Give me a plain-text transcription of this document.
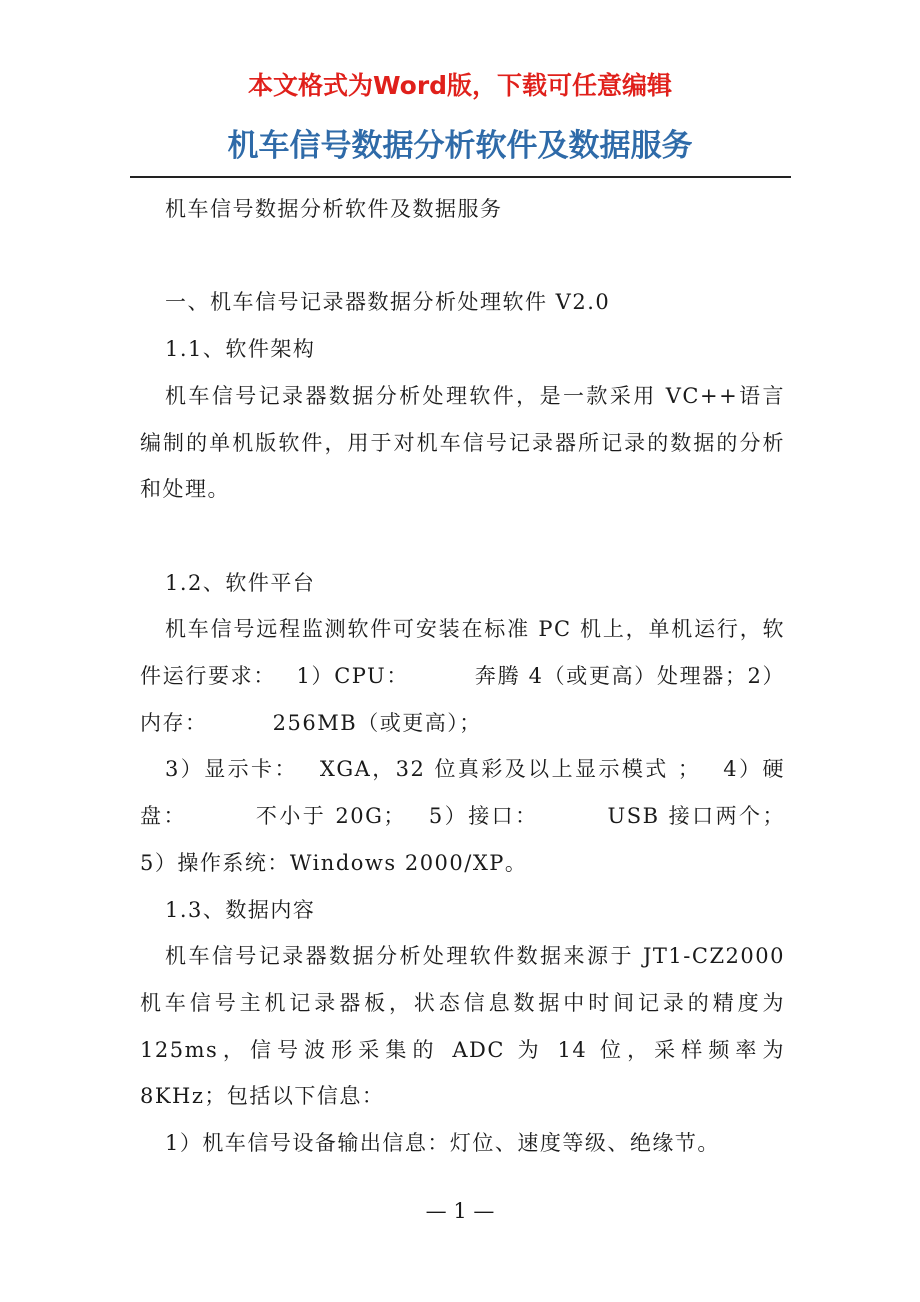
本文格式为Word版，下载可任意编辑
机车信号数据分析软件及数据服务

机车信号数据分析软件及数据服务

一、机车信号记录器数据分析处理软件 V2.0

1.1、软件架构

机车信号记录器数据分析处理软件，是一款采用 VC++语言编制的单机版软件，用于对机车信号记录器所记录的数据的分析和处理。

1.2、软件平台

机车信号远程监测软件可安装在标准 PC 机上，单机运行，软件运行要求：　 1）CPU：　　　 奔腾 4（或更高）处理器；2）内存：　　　 256MB（或更高）；

3）显示卡：　 XGA，32 位真彩及以上显示模式 ；　 4）硬盘：　　　 不小于 20G；　 5）接口：　　　 USB 接口两个；5）操作系统：Windows 2000/XP。

1.3、数据内容

机车信号记录器数据分析处理软件数据来源于 JT1-CZ2000 机车信号主机记录器板，状态信息数据中时间记录的精度为 125ms，信号波形采集的 ADC 为 14 位，采样频率为 8KHz；包括以下信息：

1）机车信号设备输出信息：灯位、速度等级、绝缘节。

— 1 —
